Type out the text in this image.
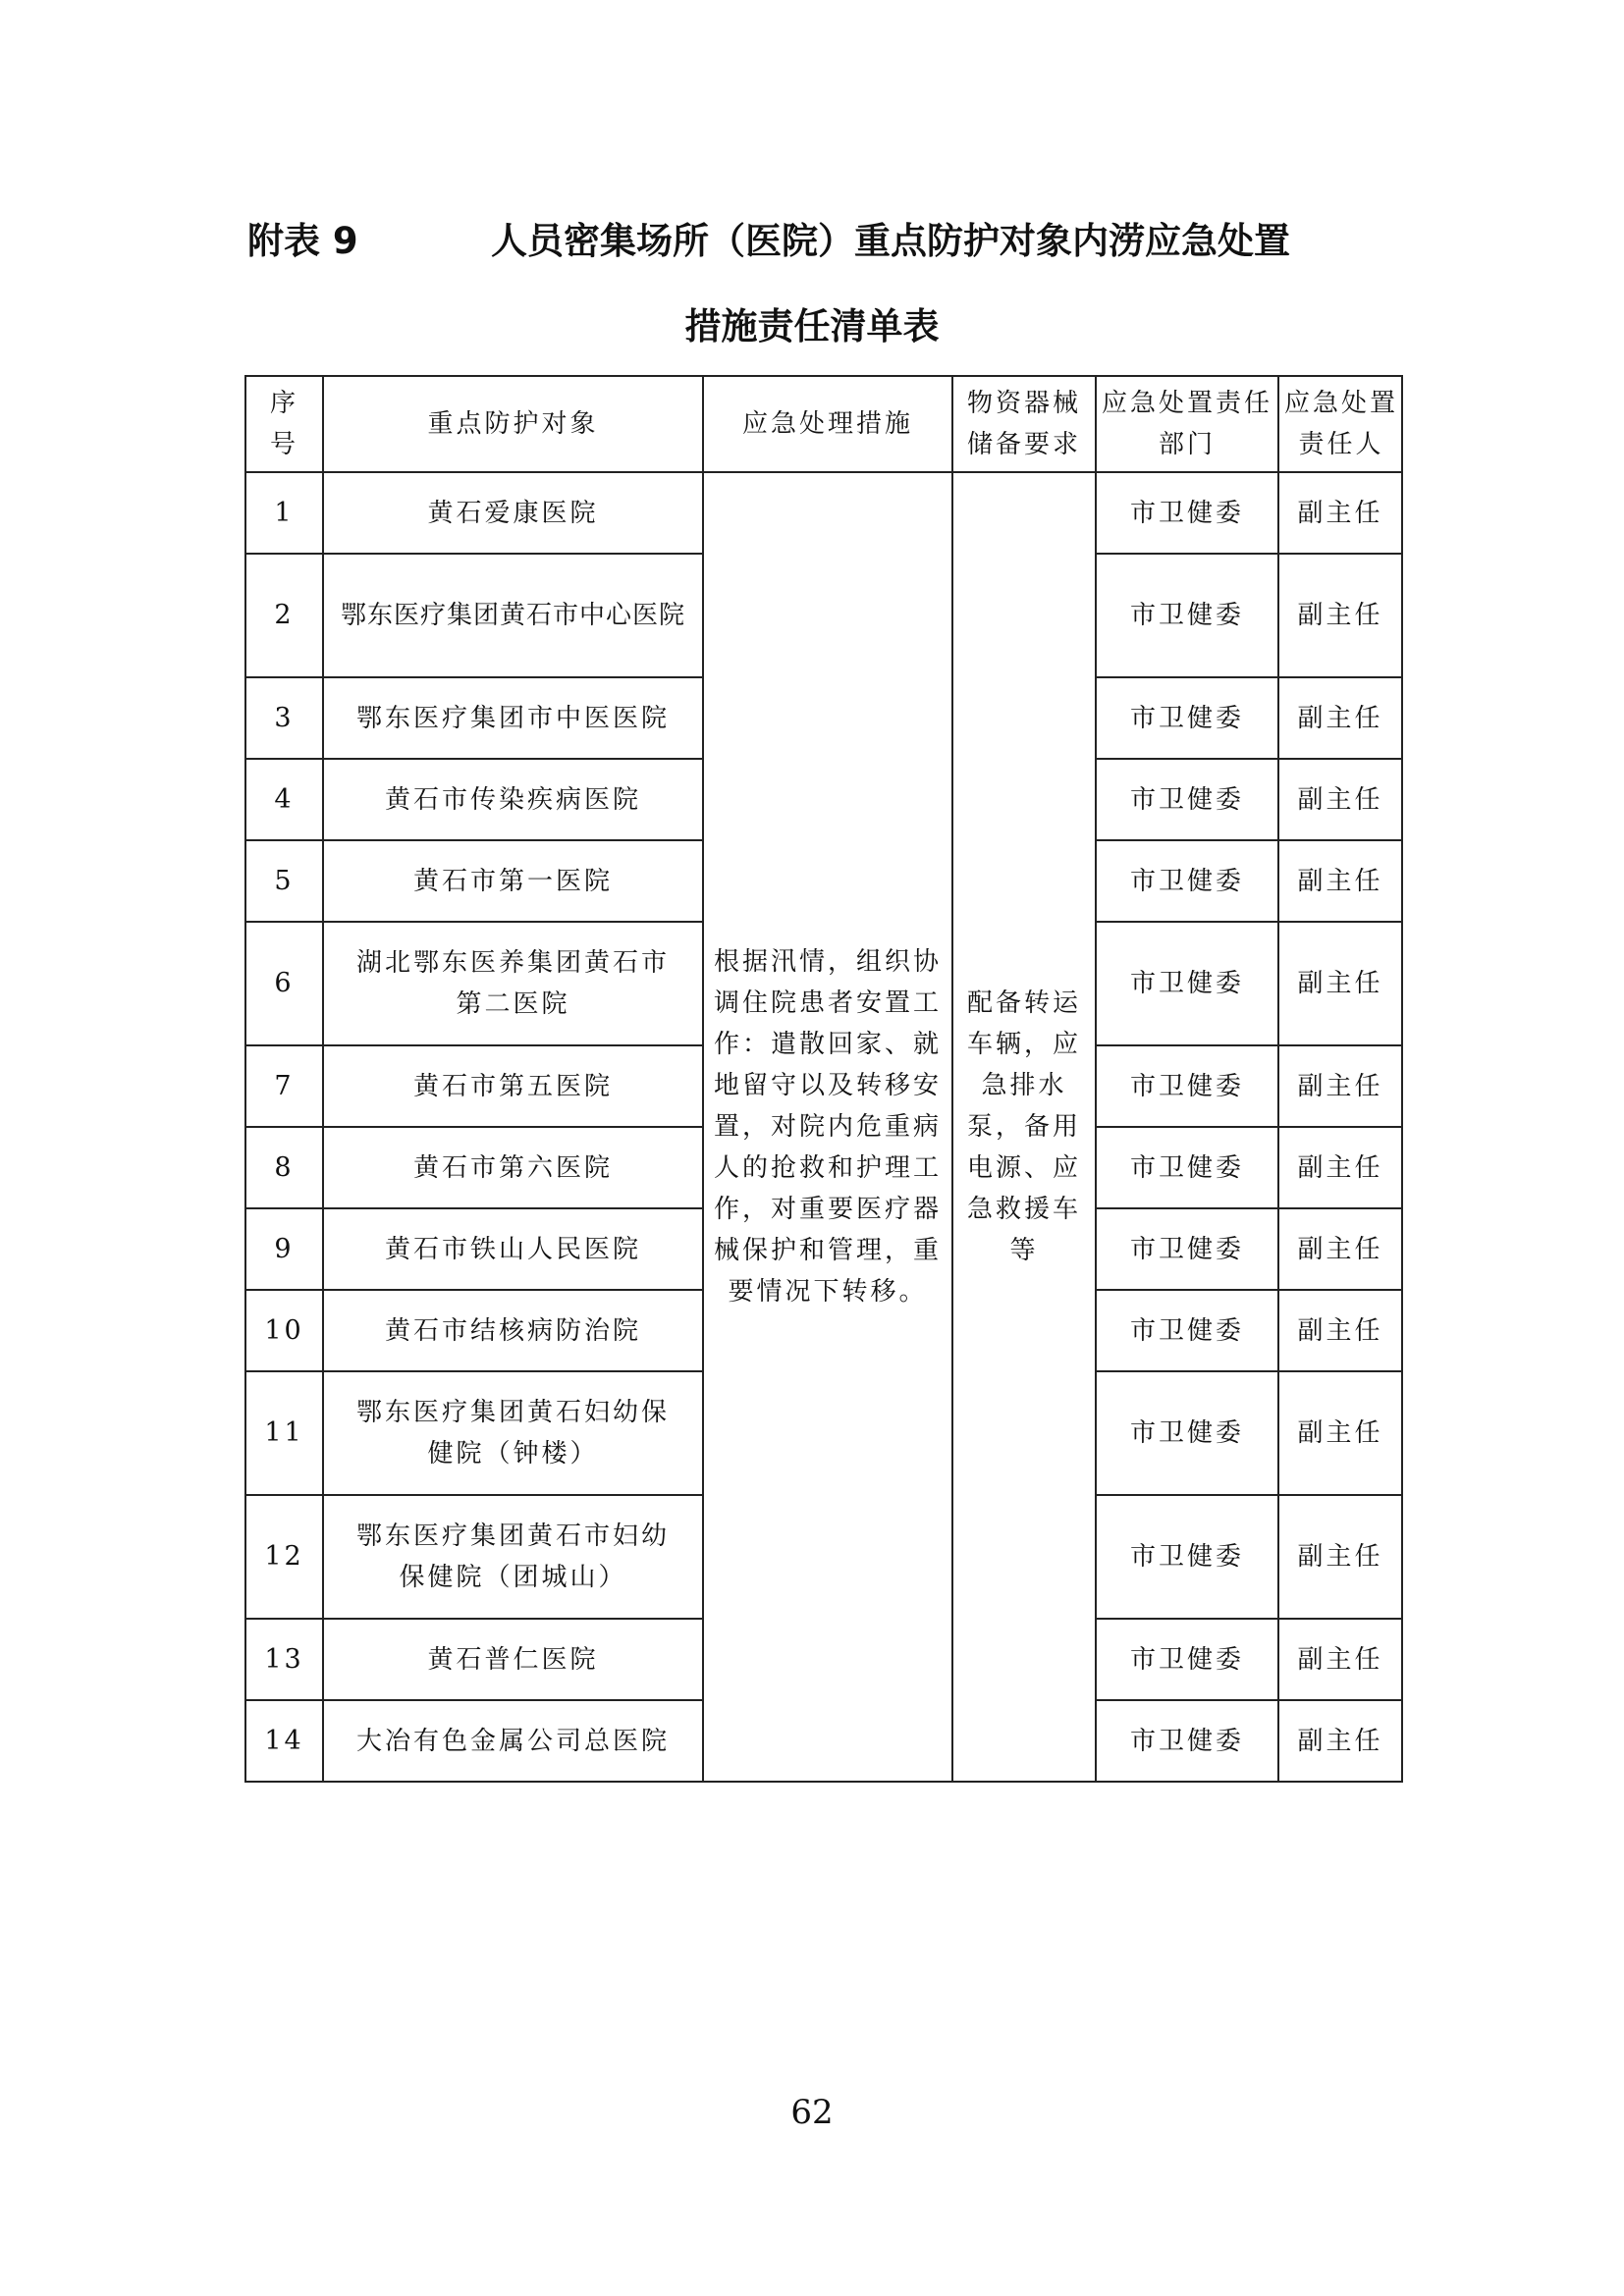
附表 9	人员密集场所（医院）重点防护对象内涝应急处置
措施责任清单表
序号	重点防护对象	应急处理措施	物资器械储备要求	应急处置责任部门	应急处置责任人
1	黄石爱康医院	根据汛情，组织协调住院患者安置工作：遣散回家、就地留守以及转移安置，对院内危重病人的抢救和护理工作，对重要医疗器械保护和管理，重要情况下转移。	配备转运车辆，应急排水泵，备用电源、应急救援车等	市卫健委	副主任
2	鄂东医疗集团黄石市中心医院			市卫健委	副主任
3	鄂东医疗集团市中医医院			市卫健委	副主任
4	黄石市传染疾病医院			市卫健委	副主任
5	黄石市第一医院			市卫健委	副主任
6	湖北鄂东医养集团黄石市第二医院			市卫健委	副主任
7	黄石市第五医院			市卫健委	副主任
8	黄石市第六医院			市卫健委	副主任
9	黄石市铁山人民医院			市卫健委	副主任
10	黄石市结核病防治院			市卫健委	副主任
11	鄂东医疗集团黄石妇幼保健院（钟楼）			市卫健委	副主任
12	鄂东医疗集团黄石市妇幼保健院（团城山）			市卫健委	副主任
13	黄石普仁医院			市卫健委	副主任
14	大冶有色金属公司总医院			市卫健委	副主任
62
